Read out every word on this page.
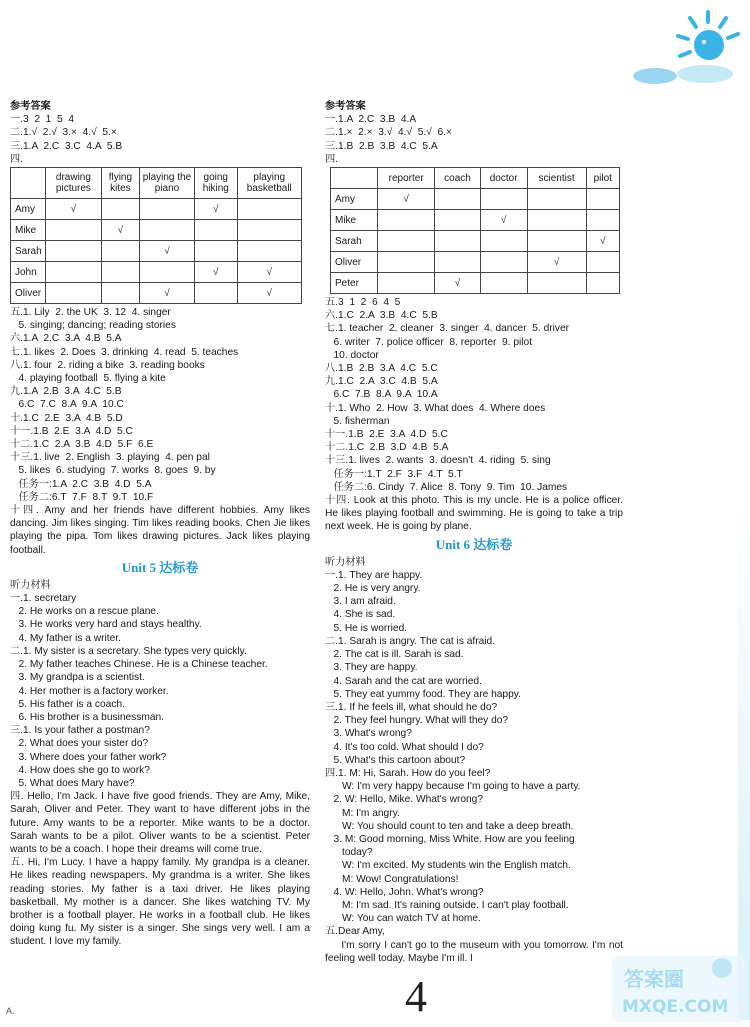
参考答案
一.3  2  1  5  4
二.1.√  2.√  3.×  4.√  5.×
三.1.A  2.C  3.C  4.A  5.B
四.
	drawing pictures	flying kites	playing the piano	going hiking	playing basketball
Amy	√			√	
Mike		√			
Sarah			√		
John				√	√
Oliver			√		√
五.1. Lily  2. the UK  3. 12  4. singer
5. singing; dancing; reading stories
六.1.A  2.C  3.A  4.B  5.A
七.1. likes  2. Does  3. drinking  4. read  5. teaches
八.1. four  2. riding a bike  3. reading books
4. playing football  5. flying a kite
九.1.A  2.B  3.A  4.C  5.B
6.C  7.C  8.A  9.A  10.C
十.1.C  2.E  3.A  4.B  5.D
十一.1.B  2.E  3.A  4.D  5.C
十二.1.C  2.A  3.B  4.D  5.F  6.E
十三.1. live  2. English  3. playing  4. pen pal
5. likes  6. studying  7. works  8. goes  9. by
任务一:1.A  2.C  3.B  4.D  5.A
任务二:6.T  7.F  8.T  9.T  10.F
十四. Amy and her friends have different hobbies. Amy likes dancing. Jim likes singing. Tim likes reading books. Chen Jie likes playing the pipa. Tom likes drawing pictures. Jack likes playing football.
Unit 5 达标卷
听力材料
一.1. secretary
2. He works on a rescue plane.
3. He works very hard and stays healthy.
4. My father is a writer.
二.1. My sister is a secretary. She types very quickly.
2. My father teaches Chinese. He is a Chinese teacher.
3. My grandpa is a scientist.
4. Her mother is a factory worker.
5. His father is a coach.
6. His brother is a businessman.
三.1. Is your father a postman?
2. What does your sister do?
3. Where does your father work?
4. How does she go to work?
5. What does Mary have?
四. Hello, I'm Jack. I have five good friends. They are Amy, Mike, Sarah, Oliver and Peter. They want to have different jobs in the future. Amy wants to be a reporter. Mike wants to be a doctor. Sarah wants to be a pilot. Oliver wants to be a scientist. Peter wants to be a coach. I hope their dreams will come true.
五. Hi, I'm Lucy. I have a happy family. My grandpa is a cleaner. He likes reading newspapers. My grandma is a writer. She likes reading stories. My father is a taxi driver. He likes playing basketball. My mother is a dancer. She likes watching TV. My brother is a football player. He works in a football club. He likes doing kung fu. My sister is a singer. She sings very well. I am a student. I love my family.
参考答案
一.1.A  2.C  3.B  4.A
二.1.×  2.×  3.√  4.√  5.√  6.×
三.1.B  2.B  3.B  4.C  5.A
四.
	reporter	coach	doctor	scientist	pilot
Amy	√				
Mike			√		
Sarah					√
Oliver				√	
Peter		√			
五.3  1  2  6  4  5
六.1.C  2.A  3.B  4.C  5.B
七.1. teacher  2. cleaner  3. singer  4. dancer  5. driver
6. writer  7. police officer  8. reporter  9. pilot
10. doctor
八.1.B  2.B  3.A  4.C  5.C
九.1.C  2.A  3.C  4.B  5.A
6.C  7.B  8.A  9.A  10.A
十.1. Who  2. How  3. What does  4. Where does
5. fisherman
十一.1.B  2.E  3.A  4.D  5.C
十二.1.C  2.B  3.D  4.B  5.A
十三.1. lives  2. wants  3. doesn't  4. riding  5. sing
任务一:1.T  2.F  3.F  4.T  5.T
任务二:6. Cindy  7. Alice  8. Tony  9. Tim  10. James
十四. Look at this photo. This is my uncle. He is a police officer. He likes playing football and swimming. He is going to take a trip next week. He is going by plane.
Unit 6 达标卷
听力材料
一.1. They are happy.
2. He is very angry.
3. I am afraid.
4. She is sad.
5. He is worried.
二.1. Sarah is angry. The cat is afraid.
2. The cat is ill. Sarah is sad.
3. They are happy.
4. Sarah and the cat are worried.
5. They eat yummy food. They are happy.
三.1. If he feels ill, what should he do?
2. They feel hungry. What will they do?
3. What's wrong?
4. It's too cold. What should I do?
5. What's this cartoon about?
四.1. M: Hi, Sarah. How do you feel?
W: I'm very happy because I'm going to have a party.
2. W: Hello, Mike. What's wrong?
M: I'm angry.
W: You should count to ten and take a deep breath.
3. M: Good morning, Miss White. How are you feeling
today?
W: I'm excited. My students win the English match.
M: Wow! Congratulations!
4. W: Hello, John. What's wrong?
M: I'm sad. It's raining outside. I can't play football.
W: You can watch TV at home.
五.Dear Amy,
I'm sorry I can't go to the museum with you tomorrow. I'm not feeling well today. Maybe I'm ill. I
4
A.
答案圈
MXQE.COM
